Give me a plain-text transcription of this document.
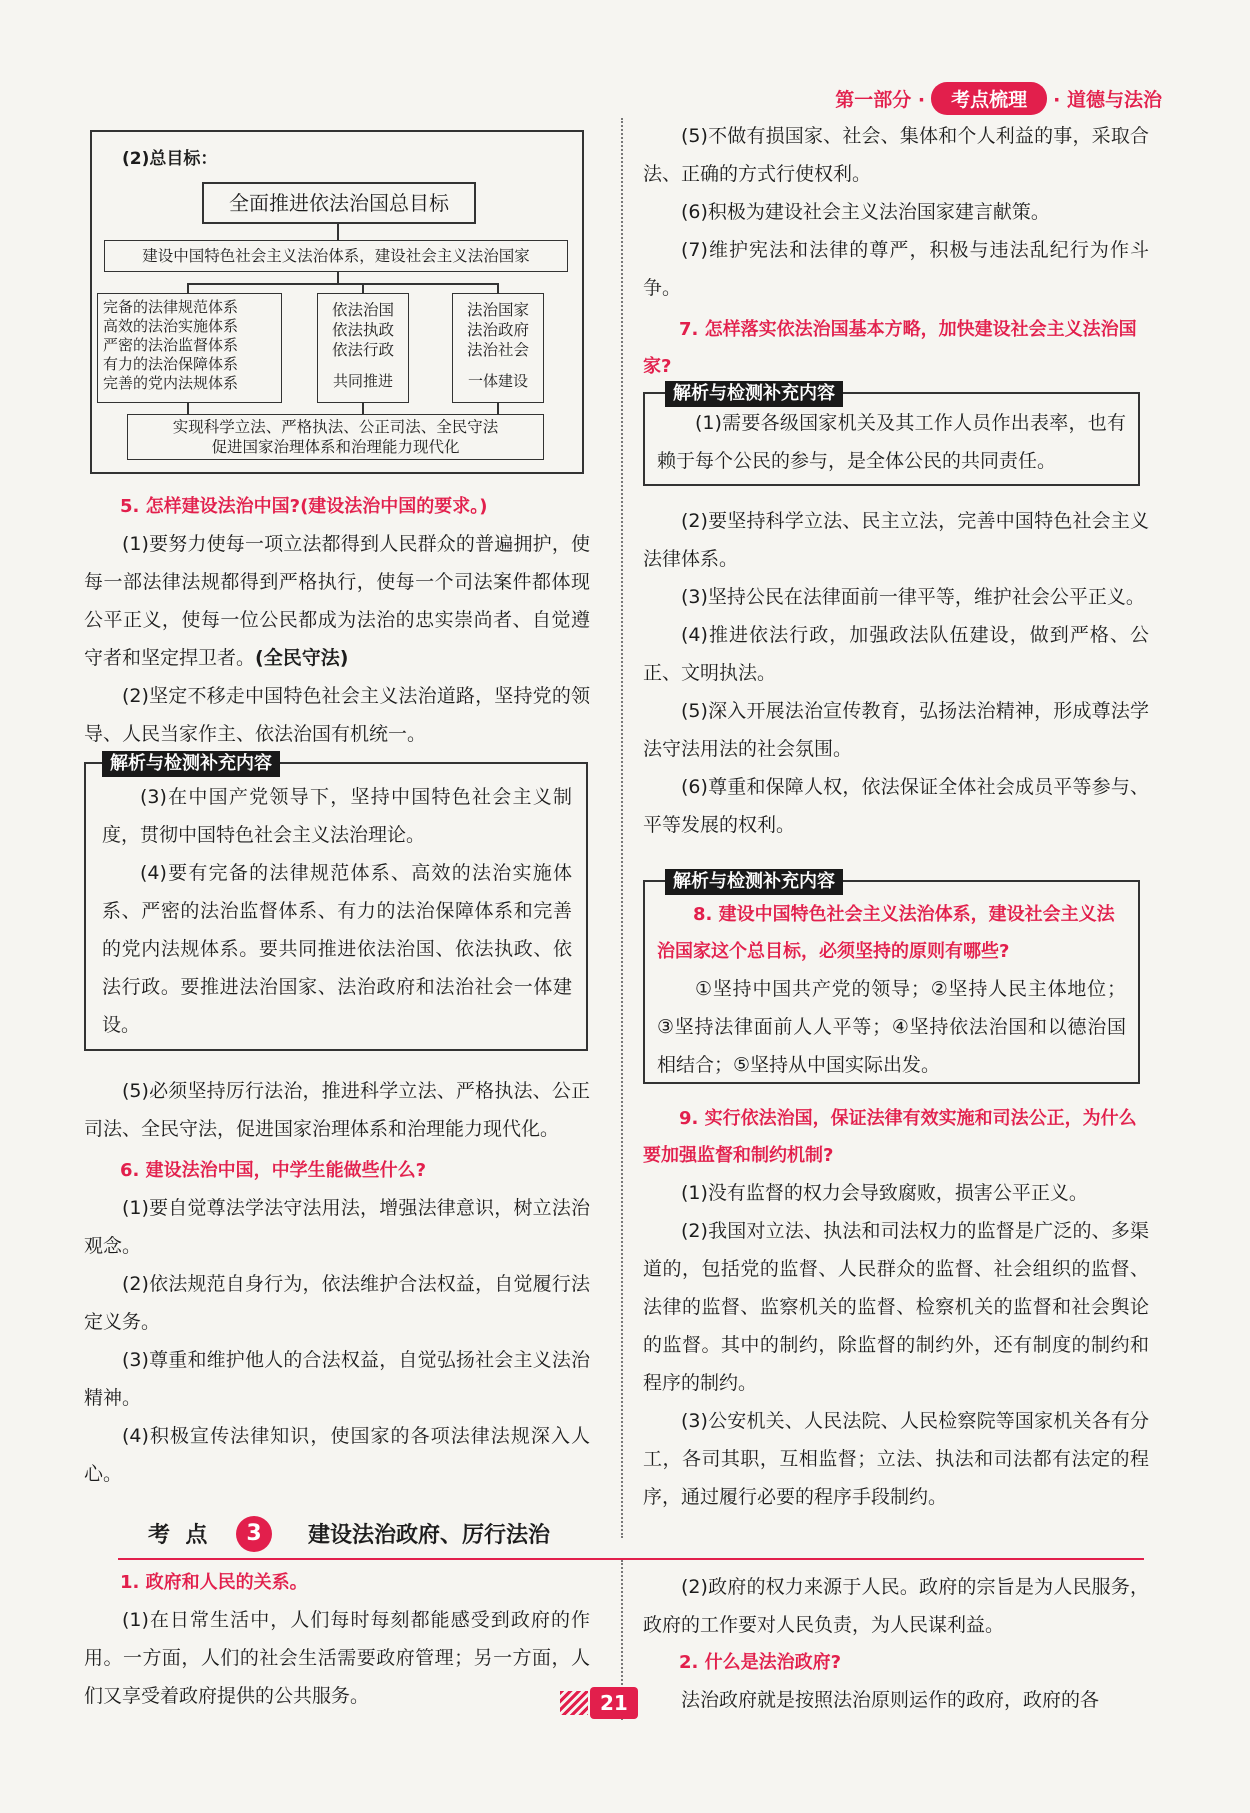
第一部分 ·	考点梳理	· 道德与法治
(2)总目标：
全面推进依法治国总目标
建设中国特色社会主义法治体系，建设社会主义法治国家
完备的法律规范体系
高效的法治实施体系
严密的法治监督体系
有力的法治保障体系
完善的党内法规体系
依法治国
依法执政
依法行政
共同推进
法治国家
法治政府
法治社会
一体建设
实现科学立法、严格执法、公正司法、全民守法
促进国家治理体系和治理能力现代化

5. 怎样建设法治中国?(建设法治中国的要求。)

(1)要努力使每一项立法都得到人民群众的普遍拥护，使每一部法律法规都得到严格执行，使每一个司法案件都体现公平正义，使每一位公民都成为法治的忠实崇尚者、自觉遵守者和坚定捍卫者。(全民守法)

(2)坚定不移走中国特色社会主义法治道路，坚持党的领导、人民当家作主、依法治国有机统一。

解析与检测补充内容

(3)在中国产党领导下，坚持中国特色社会主义制度，贯彻中国特色社会主义法治理论。

(4)要有完备的法律规范体系、高效的法治实施体系、严密的法治监督体系、有力的法治保障体系和完善的党内法规体系。要共同推进依法治国、依法执政、依法行政。要推进法治国家、法治政府和法治社会一体建设。

(5)必须坚持厉行法治，推进科学立法、严格执法、公正司法、全民守法，促进国家治理体系和治理能力现代化。

6. 建设法治中国，中学生能做些什么?

(1)要自觉尊法学法守法用法，增强法律意识，树立法治观念。

(2)依法规范自身行为，依法维护合法权益，自觉履行法定义务。

(3)尊重和维护他人的合法权益，自觉弘扬社会主义法治精神。

(4)积极宣传法律知识，使国家的各项法律法规深入人心。

(5)不做有损国家、社会、集体和个人利益的事，采取合法、正确的方式行使权利。

(6)积极为建设社会主义法治国家建言献策。

(7)维护宪法和法律的尊严，积极与违法乱纪行为作斗争。

7. 怎样落实依法治国基本方略，加快建设社会主义法治国家?

解析与检测补充内容

(1)需要各级国家机关及其工作人员作出表率，也有赖于每个公民的参与，是全体公民的共同责任。

(2)要坚持科学立法、民主立法，完善中国特色社会主义法律体系。

(3)坚持公民在法律面前一律平等，维护社会公平正义。

(4)推进依法行政，加强政法队伍建设，做到严格、公正、文明执法。

(5)深入开展法治宣传教育，弘扬法治精神，形成尊法学法守法用法的社会氛围。

(6)尊重和保障人权，依法保证全体社会成员平等参与、平等发展的权利。

解析与检测补充内容

8. 建设中国特色社会主义法治体系，建设社会主义法治国家这个总目标，必须坚持的原则有哪些?

①坚持中国共产党的领导；②坚持人民主体地位；③坚持法律面前人人平等；④坚持依法治国和以德治国相结合；⑤坚持从中国实际出发。

9. 实行依法治国，保证法律有效实施和司法公正，为什么要加强监督和制约机制?

(1)没有监督的权力会导致腐败，损害公平正义。

(2)我国对立法、执法和司法权力的监督是广泛的、多渠道的，包括党的监督、人民群众的监督、社会组织的监督、法律的监督、监察机关的监督、检察机关的监督和社会舆论的监督。其中的制约，除监督的制约外，还有制度的制约和程序的制约。

(3)公安机关、人民法院、人民检察院等国家机关各有分工，各司其职，互相监督；立法、执法和司法都有法定的程序，通过履行必要的程序手段制约。

考  点	3	建设法治政府、厉行法治

1. 政府和人民的关系。

(1)在日常生活中，人们每时每刻都能感受到政府的作用。一方面，人们的社会生活需要政府管理；另一方面，人们又享受着政府提供的公共服务。

(2)政府的权力来源于人民。政府的宗旨是为人民服务，政府的工作要对人民负责，为人民谋利益。

2. 什么是法治政府?

法治政府就是按照法治原则运作的政府，政府的各

21
